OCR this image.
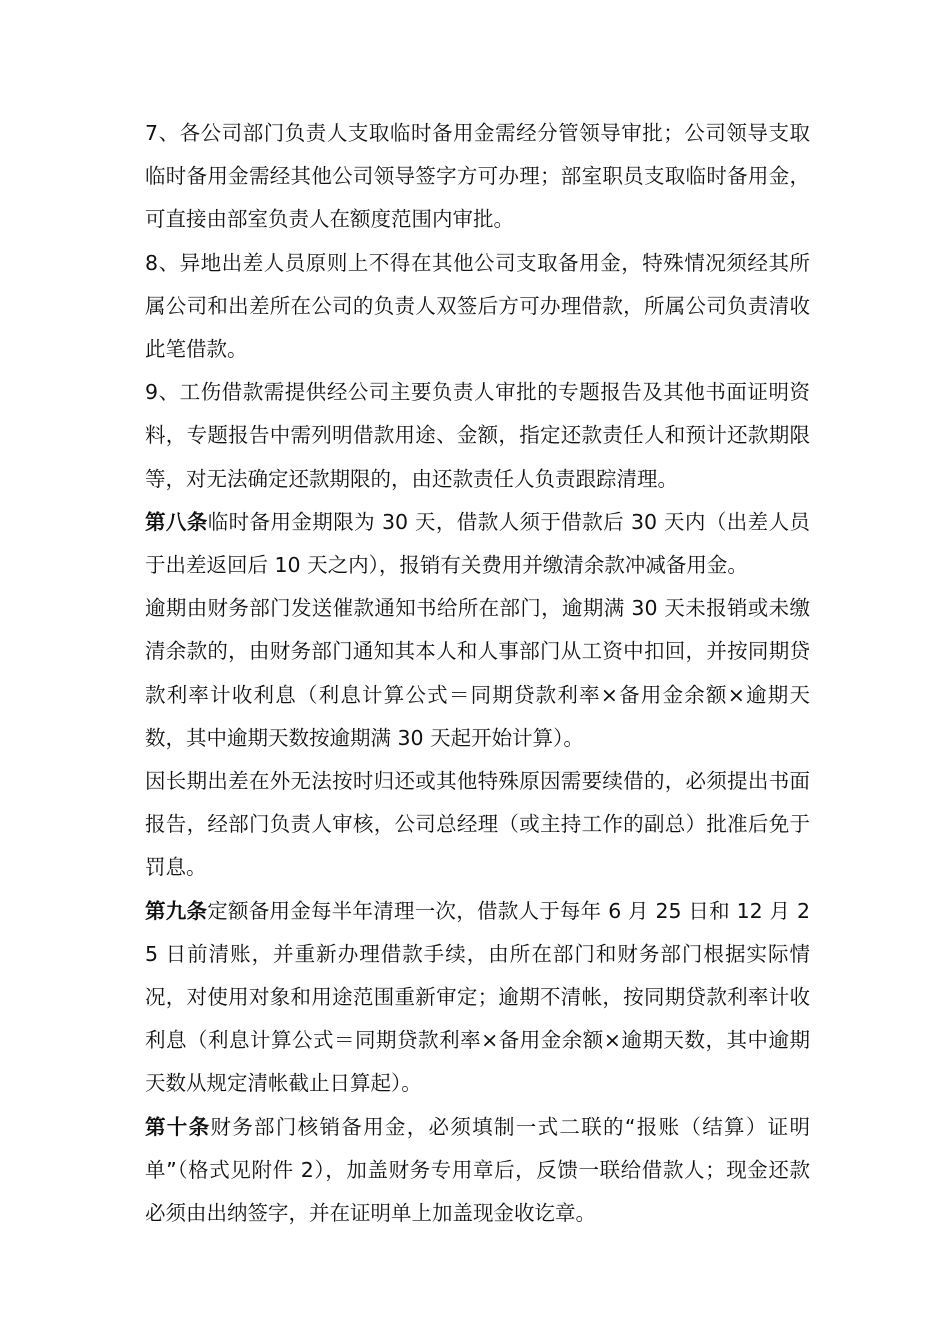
7、各公司部门负责人支取临时备用金需经分管领导审批；公司领导支取临时备用金需经其他公司领导签字方可办理；部室职员支取临时备用金，可直接由部室负责人在额度范围内审批。

8、异地出差人员原则上不得在其他公司支取备用金，特殊情况须经其所属公司和出差所在公司的负责人双签后方可办理借款，所属公司负责清收此笔借款。

9、工伤借款需提供经公司主要负责人审批的专题报告及其他书面证明资料，专题报告中需列明借款用途、金额，指定还款责任人和预计还款期限等，对无法确定还款期限的，由还款责任人负责跟踪清理。

第八条临时备用金期限为 30 天，借款人须于借款后 30 天内（出差人员于出差返回后 10 天之内），报销有关费用并缴清余款冲减备用金。

逾期由财务部门发送催款通知书给所在部门，逾期满 30 天未报销或未缴清余款的，由财务部门通知其本人和人事部门从工资中扣回，并按同期贷款利率计收利息（利息计算公式＝同期贷款利率×备用金余额×逾期天数，其中逾期天数按逾期满 30 天起开始计算）。

因长期出差在外无法按时归还或其他特殊原因需要续借的，必须提出书面报告，经部门负责人审核，公司总经理（或主持工作的副总）批准后免于罚息。

第九条定额备用金每半年清理一次，借款人于每年 6 月 25 日和 12 月 25 日前清账，并重新办理借款手续，由所在部门和财务部门根据实际情况，对使用对象和用途范围重新审定；逾期不清帐，按同期贷款利率计收利息（利息计算公式＝同期贷款利率×备用金余额×逾期天数，其中逾期天数从规定清帐截止日算起）。

第十条财务部门核销备用金，必须填制一式二联的“报账（结算）证明单”（格式见附件 2），加盖财务专用章后，反馈一联给借款人；现金还款必须由出纳签字，并在证明单上加盖现金收讫章。
